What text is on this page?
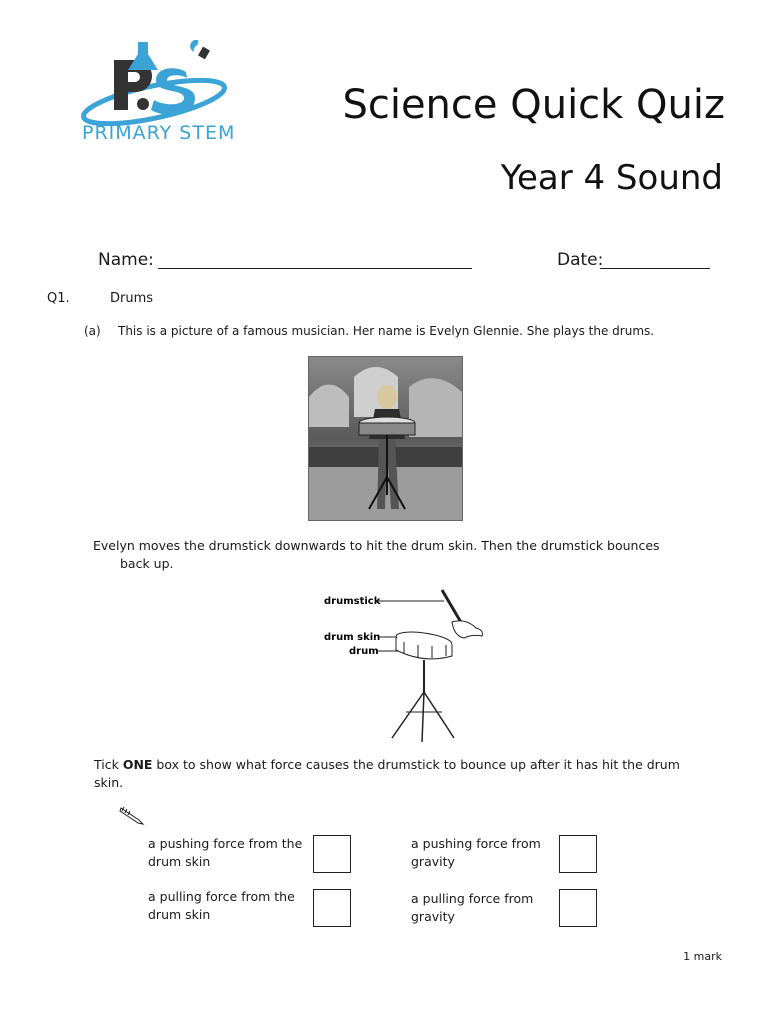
PRIMARY STEM
Science Quick Quiz
Year 4 Sound
Name:	Date:
Q1.	Drums
(a) This is a picture of a famous musician. Her name is Evelyn Glennie. She plays the drums.
Evelyn moves the drumstick downwards to hit the drum skin. Then the drumstick bounces
back up.
drumstick
drum skin
drum
Tick ONE box to show what force causes the drumstick to bounce up after it has hit the drum skin.
a pushing force from the
drum skin
a pushing force from
gravity
a pulling force from the
drum skin
a pulling force from
gravity
1 mark
